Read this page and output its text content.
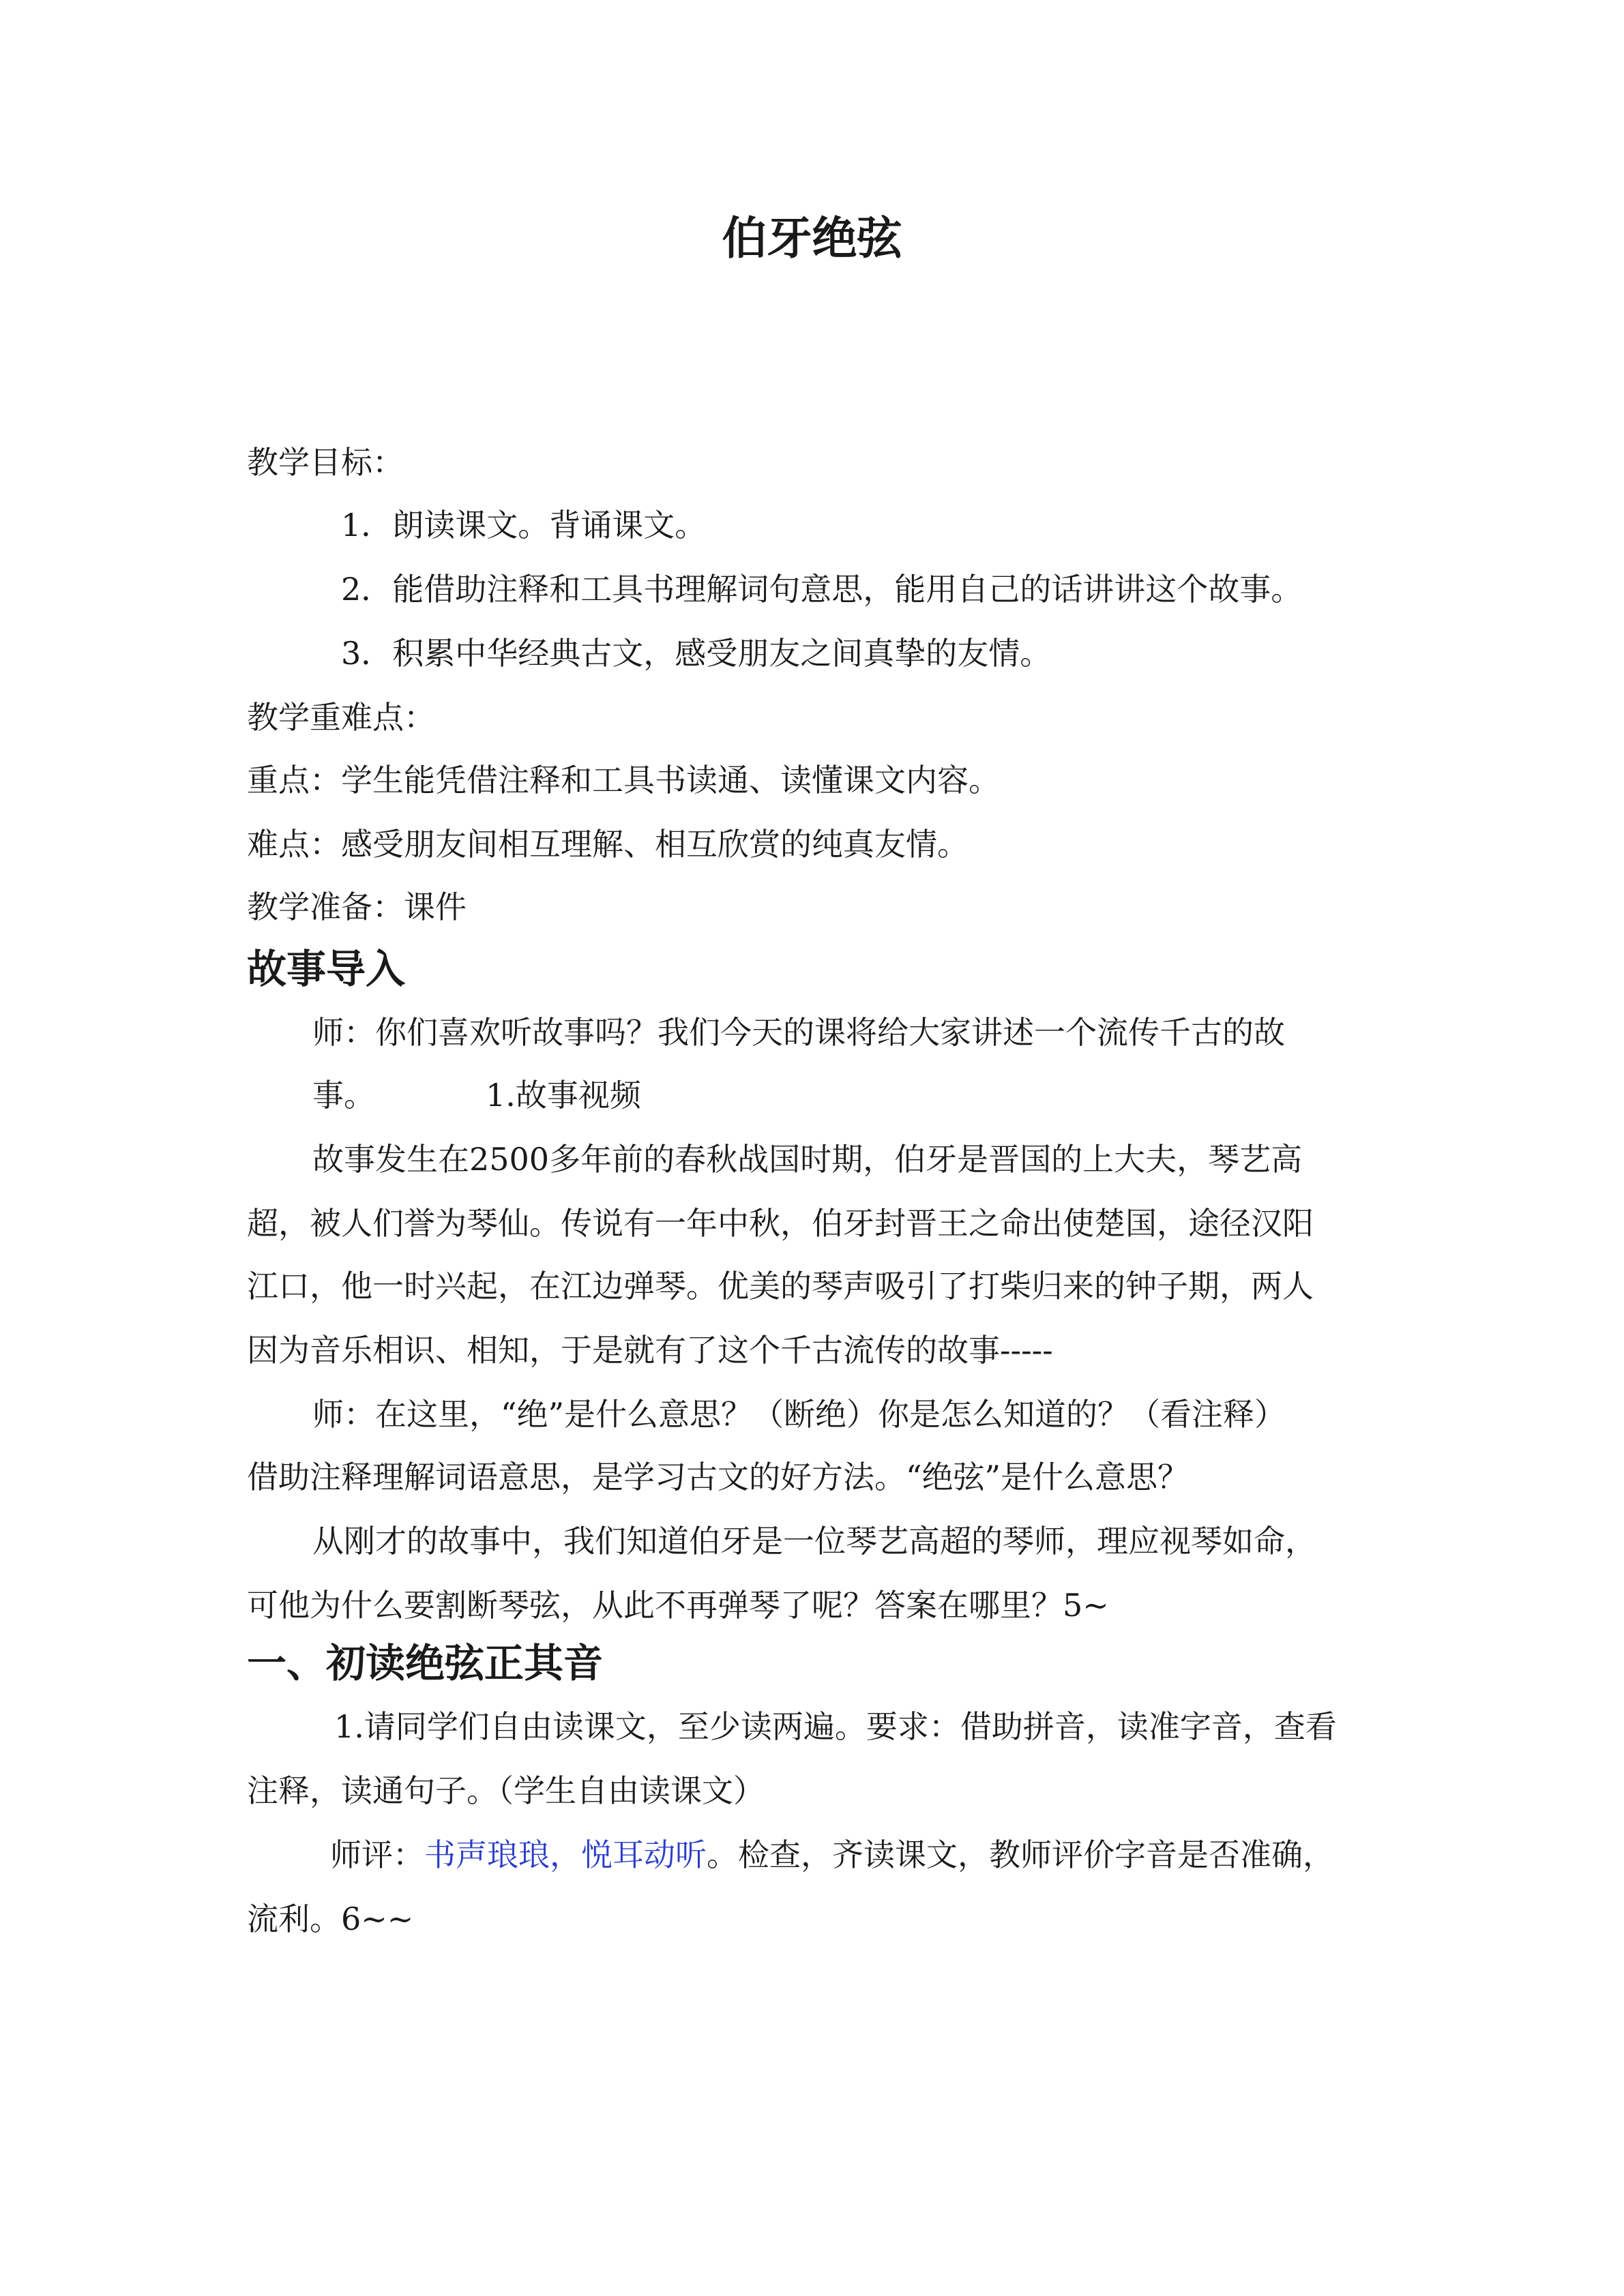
伯牙绝弦
教学目标：
1．朗读课文。背诵课文。
2．能借助注释和工具书理解词句意思，能用自己的话讲讲这个故事。
3．积累中华经典古文，感受朋友之间真挚的友情。
教学重难点：
重点：学生能凭借注释和工具书读通、读懂课文内容。
难点：感受朋友间相互理解、相互欣赏的纯真友情。
教学准备：课件
故事导入
师：你们喜欢听故事吗？我们今天的课将给大家讲述一个流传千古的故
事。	1.故事视频
故事发生在2500多年前的春秋战国时期，伯牙是晋国的上大夫，琴艺高
超，被人们誉为琴仙。传说有一年中秋，伯牙封晋王之命出使楚国，途径汉阳
江口，他一时兴起，在江边弹琴。优美的琴声吸引了打柴归来的钟子期，两人
因为音乐相识、相知，于是就有了这个千古流传的故事-----
师：在这里，“绝”是什么意思？（断绝）你是怎么知道的？（看注释）
借助注释理解词语意思，是学习古文的好方法。“绝弦”是什么意思？
从刚才的故事中，我们知道伯牙是一位琴艺高超的琴师，理应视琴如命，
可他为什么要割断琴弦，从此不再弹琴了呢？答案在哪里？5~
一、初读绝弦正其音
1.请同学们自由读课文，至少读两遍。要求：借助拼音，读准字音，查看
注释，读通句子。（学生自由读课文）
师评：书声琅琅，悦耳动听。检查，齐读课文，教师评价字音是否准确，
流利。6~~
